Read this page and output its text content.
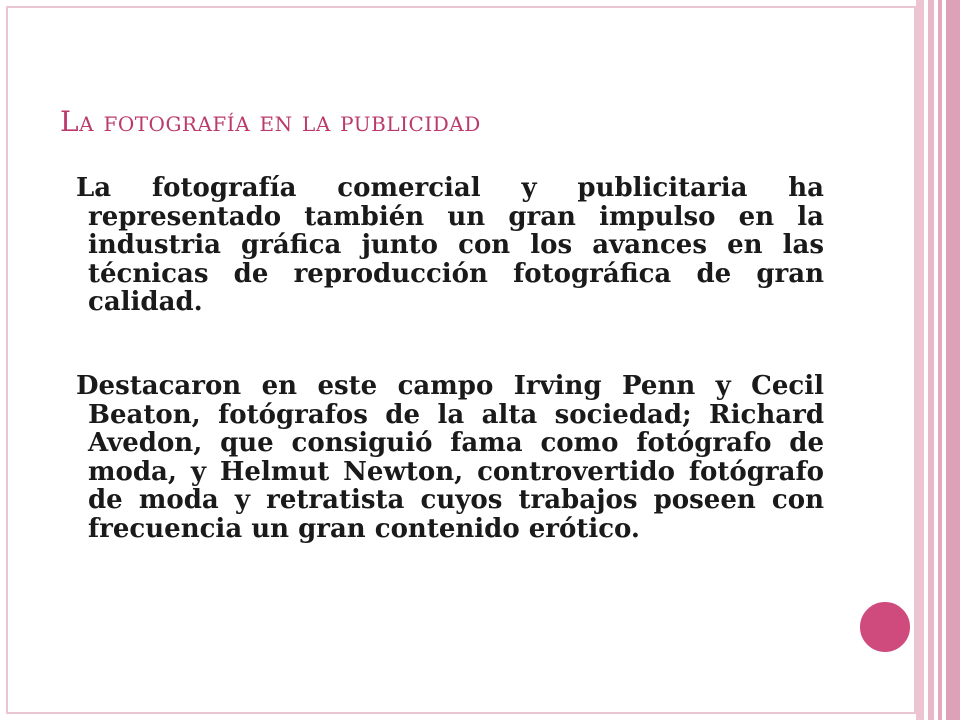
La fotografía en la publicidad

La fotografía comercial y publicitaria ha representado también un gran impulso en la industria gráfica junto con los avances en las técnicas de reproducción fotográfica de gran calidad.

Destacaron en este campo Irving Penn y Cecil Beaton, fotógrafos de la alta sociedad; Richard Avedon, que consiguió fama como fotógrafo de moda, y Helmut Newton, controvertido fotógrafo de moda y retratista cuyos trabajos poseen con frecuencia un gran contenido erótico.
